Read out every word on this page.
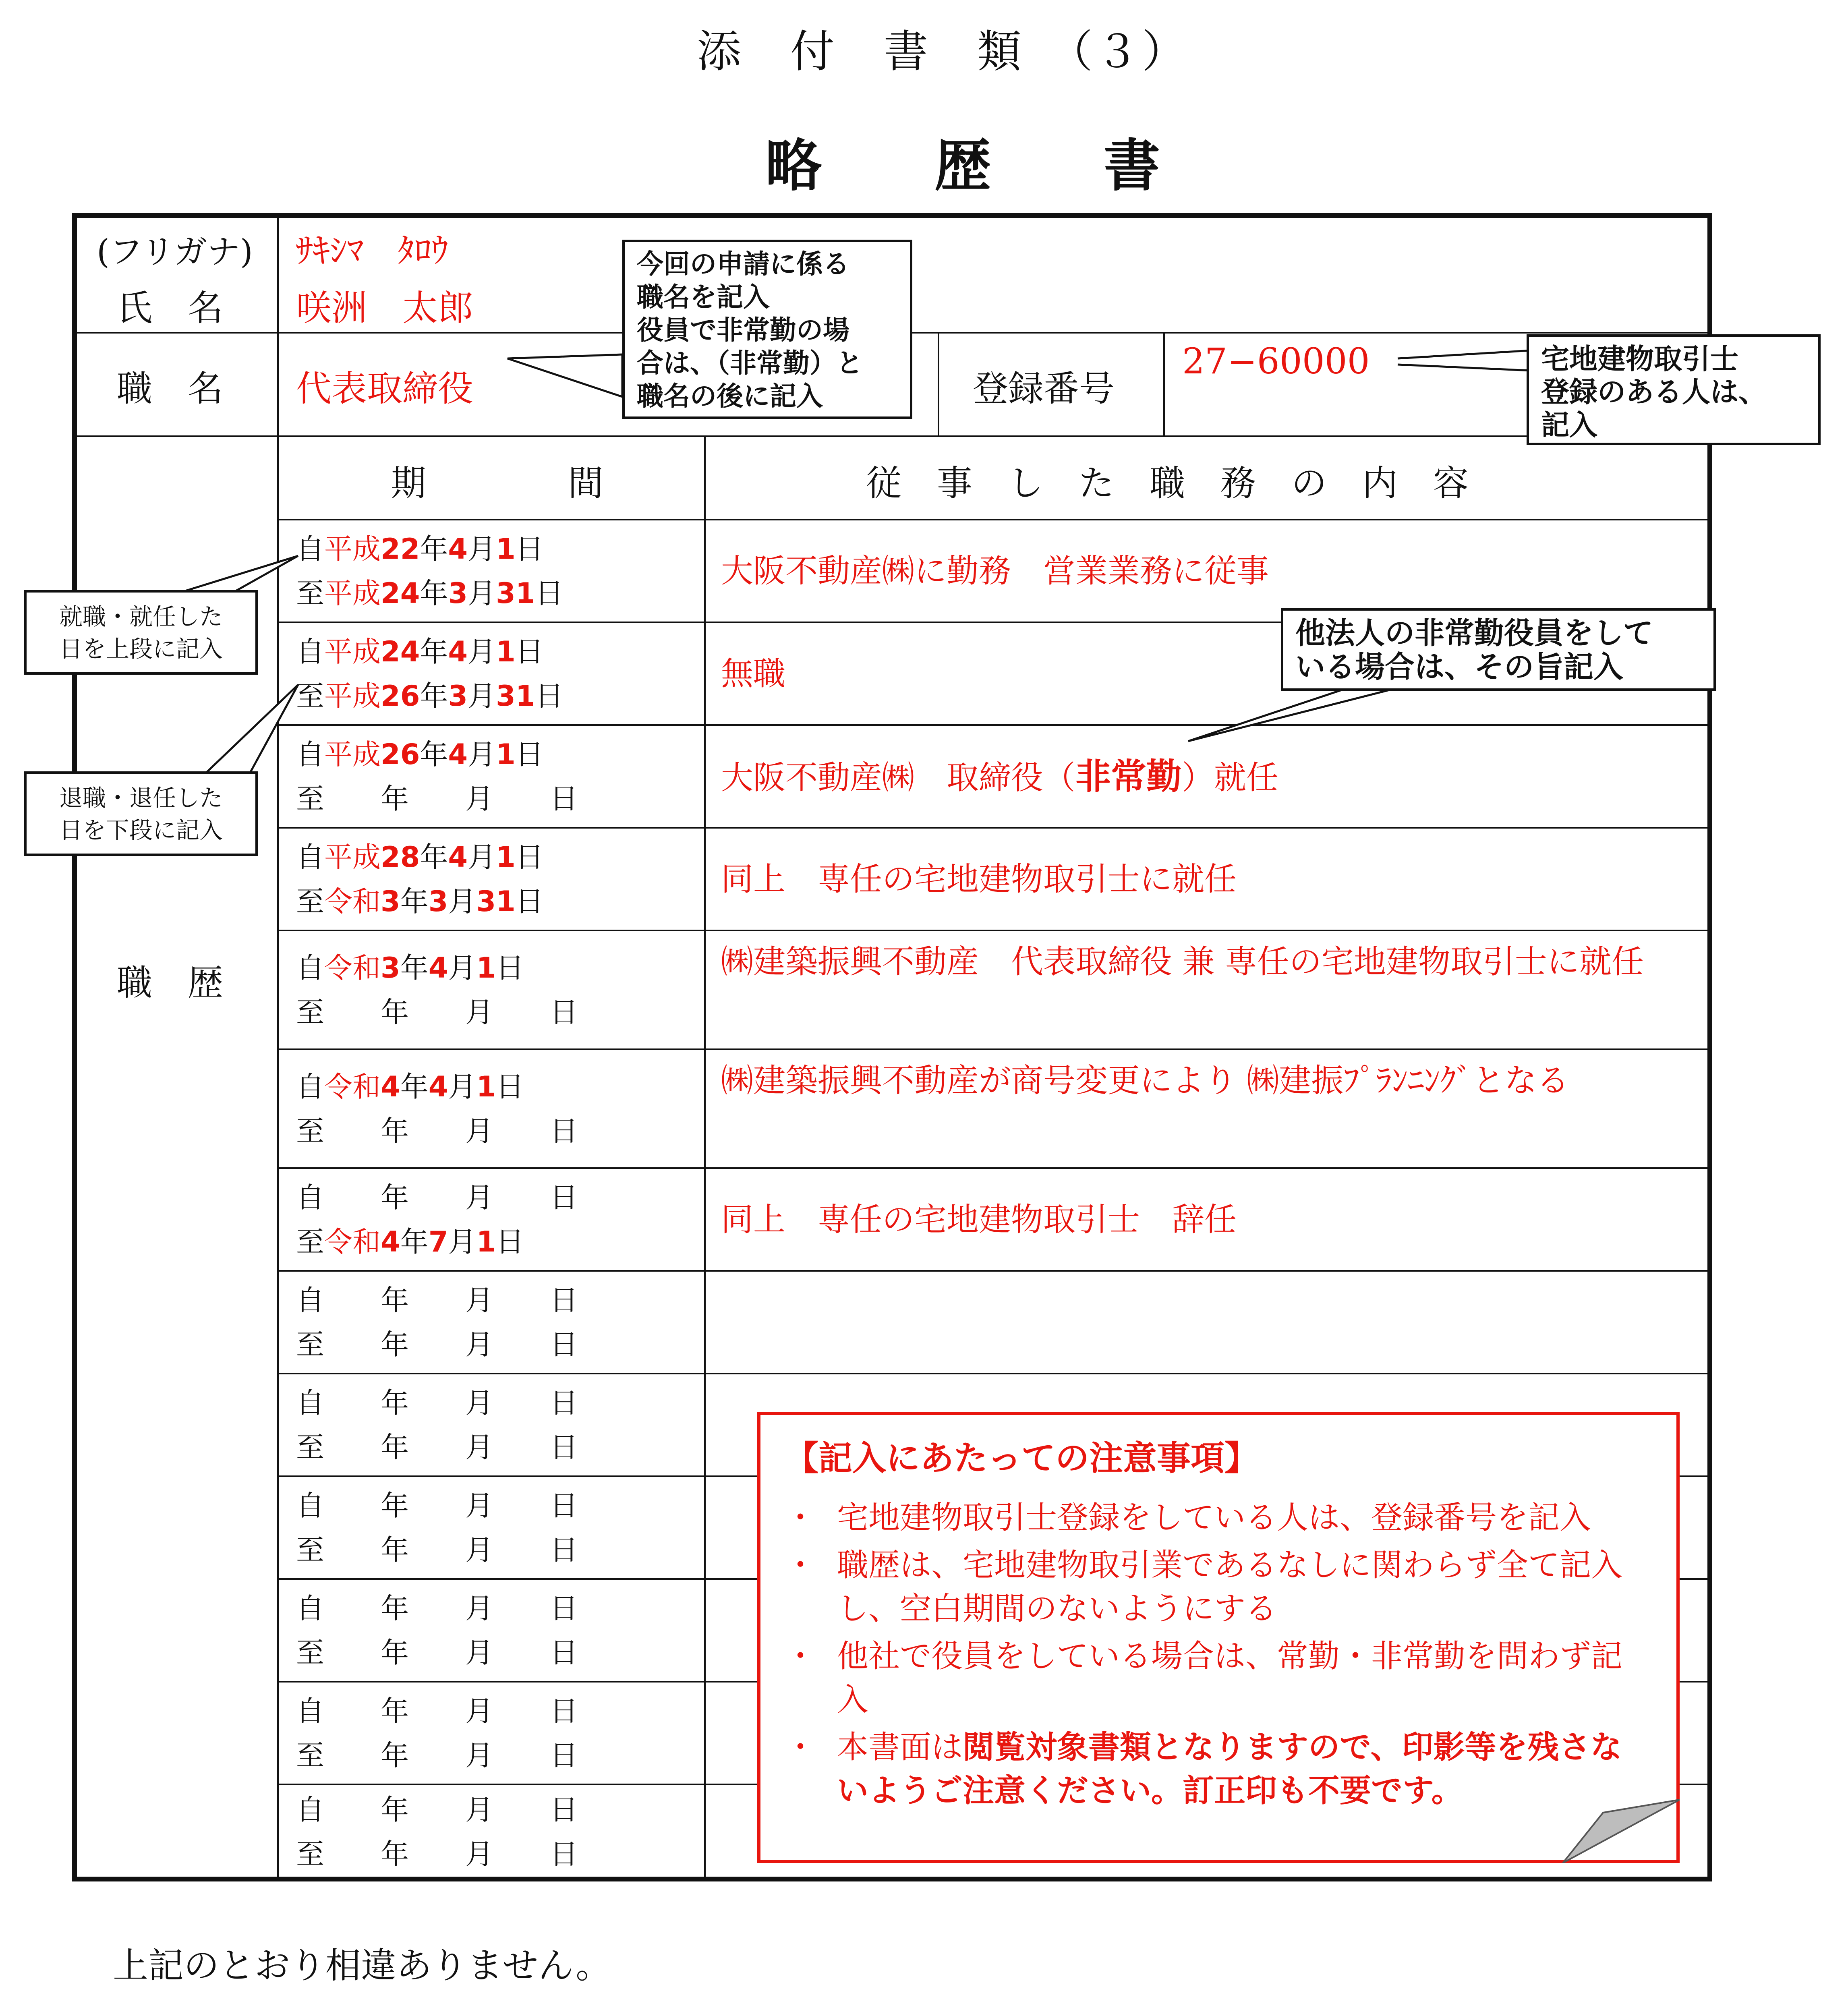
添　付　書　類　（３）
略　　歴　　書
(フリガナ)
氏　名
ｻｷｼﾏ　ﾀﾛｳ
咲洲　太郎
職　名 代表取締役	登録番号
27−60000
職　歴
期　　　　間	従　事　し　た　職　務　の　内　容
大阪不動産㈱に勤務　営業業務に従事
自平成22年4月1日
至平成24年3月31日
無職
自平成24年4月1日
至平成26年3月31日
大阪不動産㈱　取締役（非常勤）就任
自平成26年4月1日
至   年   月   日  
同上　専任の宅地建物取引士に就任
自平成28年4月1日
至令和3年3月31日
㈱建築振興不動産　代表取締役 兼 専任の宅地建物取引士に就任
自令和3年4月1日
至   年   月   日  
㈱建築振興不動産が商号変更により ㈱建振ﾌﾟﾗﾝﾆﾝｸﾞとなる
自令和4年4月1日
至   年   月   日  
同上　専任の宅地建物取引士　辞任
自   年   月   日  
至令和4年7月1日
自   年   月   日  
至   年   月   日  
自   年   月   日  
至   年   月   日  
自   年   月   日  
至   年   月   日  
自   年   月   日  
至   年   月   日  
自   年   月   日  
至   年   月   日  
自   年   月   日  
至   年   月   日  
今回の申請に係る
職名を記入
役員で非常勤の場
合は、（非常勤）と
職名の後に記入
宅地建物取引士
登録のある人は、
記入
就職・就任した
日を上段に記入
退職・退任した
日を下段に記入
他法人の非常勤役員をして
いる場合は、その旨記入
【記入にあたっての注意事項】
・ 宅地建物取引士登録をしている人は、登録番号を記入
・ 職歴は、宅地建物取引業であるなしに関わらず全て記入し、空白期間のないようにする
・ 他社で役員をしている場合は、常勤・非常勤を問わず記入
・ 本書面は閲覧対象書類となりますので、印影等を残さないようご注意ください。訂正印も不要です。
上記のとおり相違ありません。
